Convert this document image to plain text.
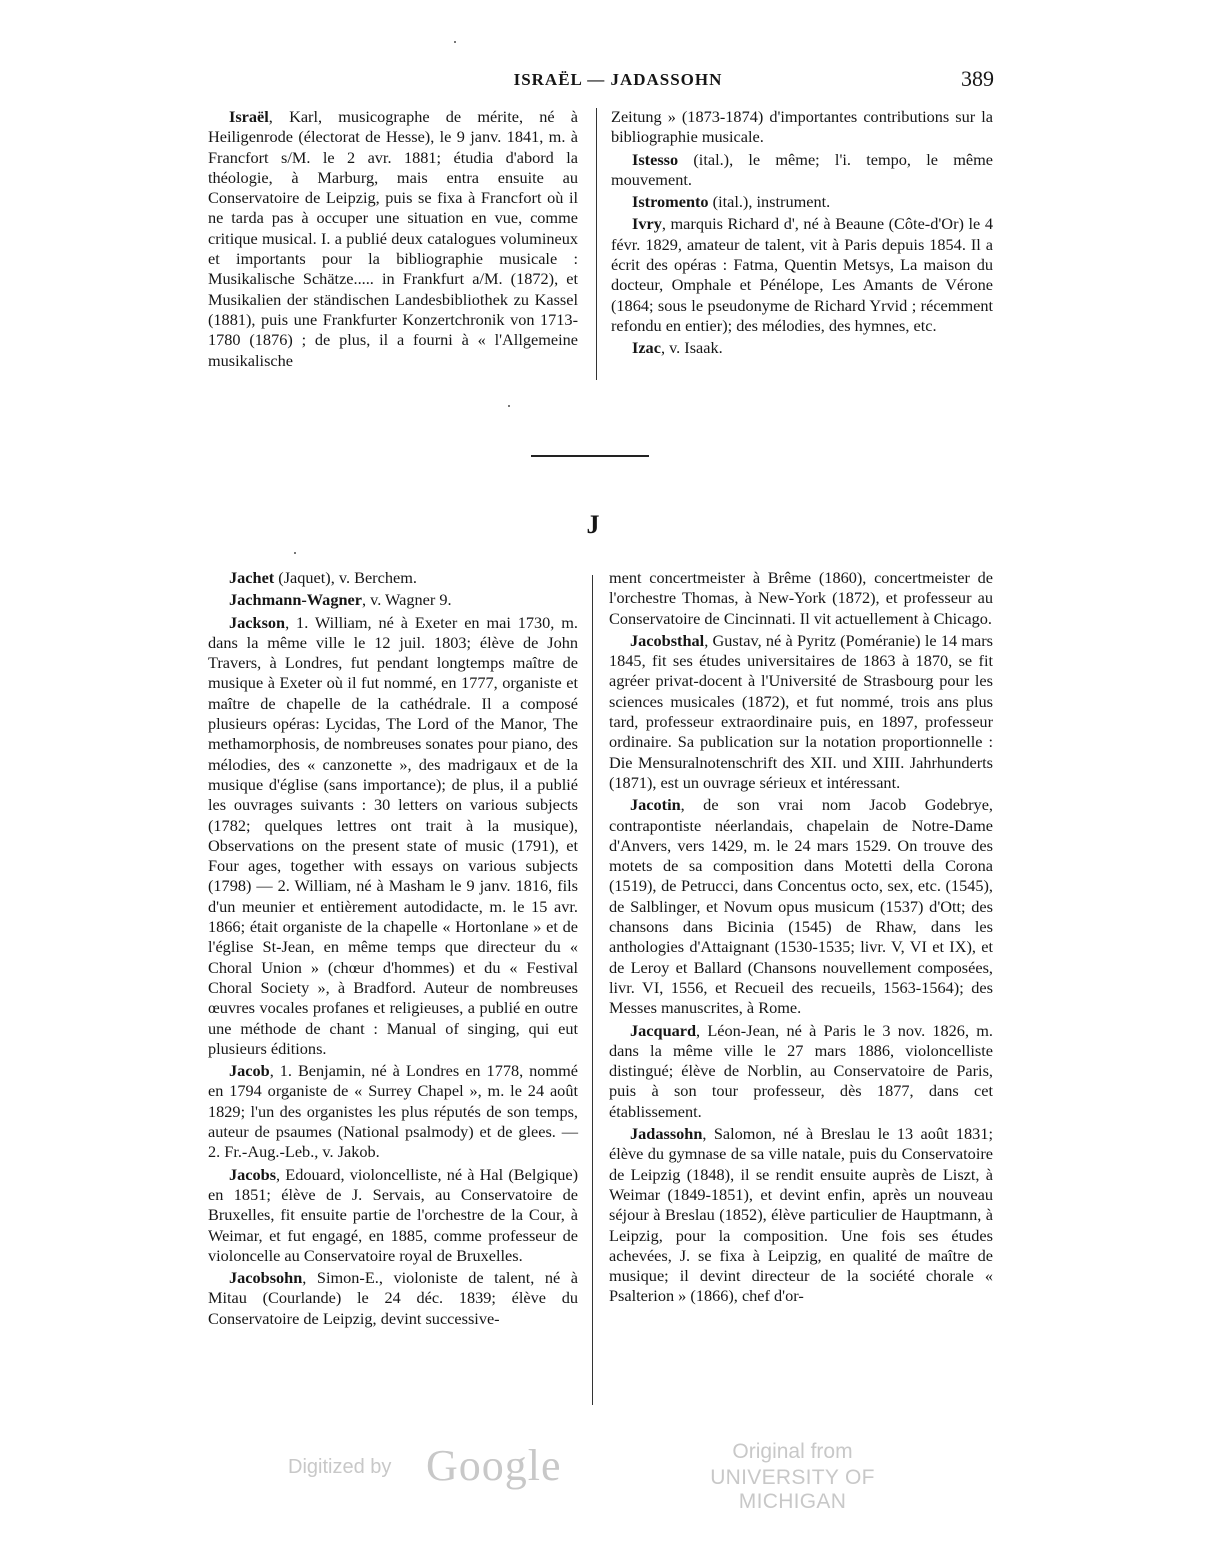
ISRAËL — JADASSOHN	389

Israël, Karl, musicographe de mérite, né à Heiligenrode (électorat de Hesse), le 9 janv. 1841, m. à Francfort s/M. le 2 avr. 1881; étudia d'abord la théologie, à Marburg, mais entra ensuite au Conservatoire de Leipzig, puis se fixa à Francfort où il ne tarda pas à occuper une situation en vue, comme critique musical. I. a publié deux catalogues volumineux et importants pour la bibliographie musicale : Musikalische Schätze..... in Frankfurt a/M. (1872), et Musikalien der ständischen Landesbibliothek zu Kassel (1881), puis une Frankfurter Konzertchronik von 1713-1780 (1876) ; de plus, il a fourni à « l'Allgemeine musikalische

Zeitung » (1873-1874) d'importantes contributions sur la bibliographie musicale.

Istesso (ital.), le même; l'i. tempo, le même mouvement.

Istromento (ital.), instrument.

Ivry, marquis Richard d', né à Beaune (Côte-d'Or) le 4 févr. 1829, amateur de talent, vit à Paris depuis 1854. Il a écrit des opéras : Fatma, Quentin Metsys, La maison du docteur, Omphale et Pénélope, Les Amants de Vérone (1864; sous le pseudonyme de Richard Yrvid ; récemment refondu en entier); des mélodies, des hymnes, etc.

Izac, v. Isaak.

J

Jachet (Jaquet), v. Berchem.

Jachmann-Wagner, v. Wagner 9.

Jackson, 1. William, né à Exeter en mai 1730, m. dans la même ville le 12 juil. 1803; élève de John Travers, à Londres, fut pendant longtemps maître de musique à Exeter où il fut nommé, en 1777, organiste et maître de chapelle de la cathédrale. Il a composé plusieurs opéras: Lycidas, The Lord of the Manor, The methamorphosis, de nombreuses sonates pour piano, des mélodies, des « canzonette », des madrigaux et de la musique d'église (sans importance); de plus, il a publié les ouvrages suivants : 30 letters on various subjects (1782; quelques lettres ont trait à la musique), Observations on the present state of music (1791), et Four ages, together with essays on various subjects (1798) — 2. William, né à Masham le 9 janv. 1816, fils d'un meunier et entièrement autodidacte, m. le 15 avr. 1866; était organiste de la chapelle « Hortonlane » et de l'église St-Jean, en même temps que directeur du « Choral Union » (chœur d'hommes) et du « Festival Choral Society », à Bradford. Auteur de nombreuses œuvres vocales profanes et religieuses, a publié en outre une méthode de chant : Manual of singing, qui eut plusieurs éditions.

Jacob, 1. Benjamin, né à Londres en 1778, nommé en 1794 organiste de « Surrey Chapel », m. le 24 août 1829; l'un des organistes les plus réputés de son temps, auteur de psaumes (National psalmody) et de glees. — 2. Fr.-Aug.-Leb., v. Jakob.

Jacobs, Edouard, violoncelliste, né à Hal (Belgique) en 1851; élève de J. Servais, au Conservatoire de Bruxelles, fit ensuite partie de l'orchestre de la Cour, à Weimar, et fut engagé, en 1885, comme professeur de violoncelle au Conservatoire royal de Bruxelles.

Jacobsohn, Simon-E., violoniste de talent, né à Mitau (Courlande) le 24 déc. 1839; élève du Conservatoire de Leipzig, devint successive-

ment concertmeister à Brême (1860), concertmeister de l'orchestre Thomas, à New-York (1872), et professeur au Conservatoire de Cincinnati. Il vit actuellement à Chicago.

Jacobsthal, Gustav, né à Pyritz (Poméranie) le 14 mars 1845, fit ses études universitaires de 1863 à 1870, se fit agréer privat-docent à l'Université de Strasbourg pour les sciences musicales (1872), et fut nommé, trois ans plus tard, professeur extraordinaire puis, en 1897, professeur ordinaire. Sa publication sur la notation proportionnelle : Die Mensuralnotenschrift des XII. und XIII. Jahrhunderts (1871), est un ouvrage sérieux et intéressant.

Jacotin, de son vrai nom Jacob Godebrye, contrapontiste néerlandais, chapelain de Notre-Dame d'Anvers, vers 1429, m. le 24 mars 1529. On trouve des motets de sa composition dans Motetti della Corona (1519), de Petrucci, dans Concentus octo, sex, etc. (1545), de Salblinger, et Novum opus musicum (1537) d'Ott; des chansons dans Bicinia (1545) de Rhaw, dans les anthologies d'Attaignant (1530-1535; livr. V, VI et IX), et de Leroy et Ballard (Chansons nouvellement composées, livr. VI, 1556, et Recueil des recueils, 1563-1564); des Messes manuscrites, à Rome.

Jacquard, Léon-Jean, né à Paris le 3 nov. 1826, m. dans la même ville le 27 mars 1886, violoncelliste distingué; élève de Norblin, au Conservatoire de Paris, puis à son tour professeur, dès 1877, dans cet établissement.

Jadassohn, Salomon, né à Breslau le 13 août 1831; élève du gymnase de sa ville natale, puis du Conservatoire de Leipzig (1848), il se rendit ensuite auprès de Liszt, à Weimar (1849-1851), et devint enfin, après un nouveau séjour à Breslau (1852), élève particulier de Hauptmann, à Leipzig, pour la composition. Une fois ses études achevées, J. se fixa à Leipzig, en qualité de maître de musique; il devint directeur de la société chorale « Psalterion » (1866), chef d'or-

Digitized by Google	Original from
UNIVERSITY OF MICHIGAN
